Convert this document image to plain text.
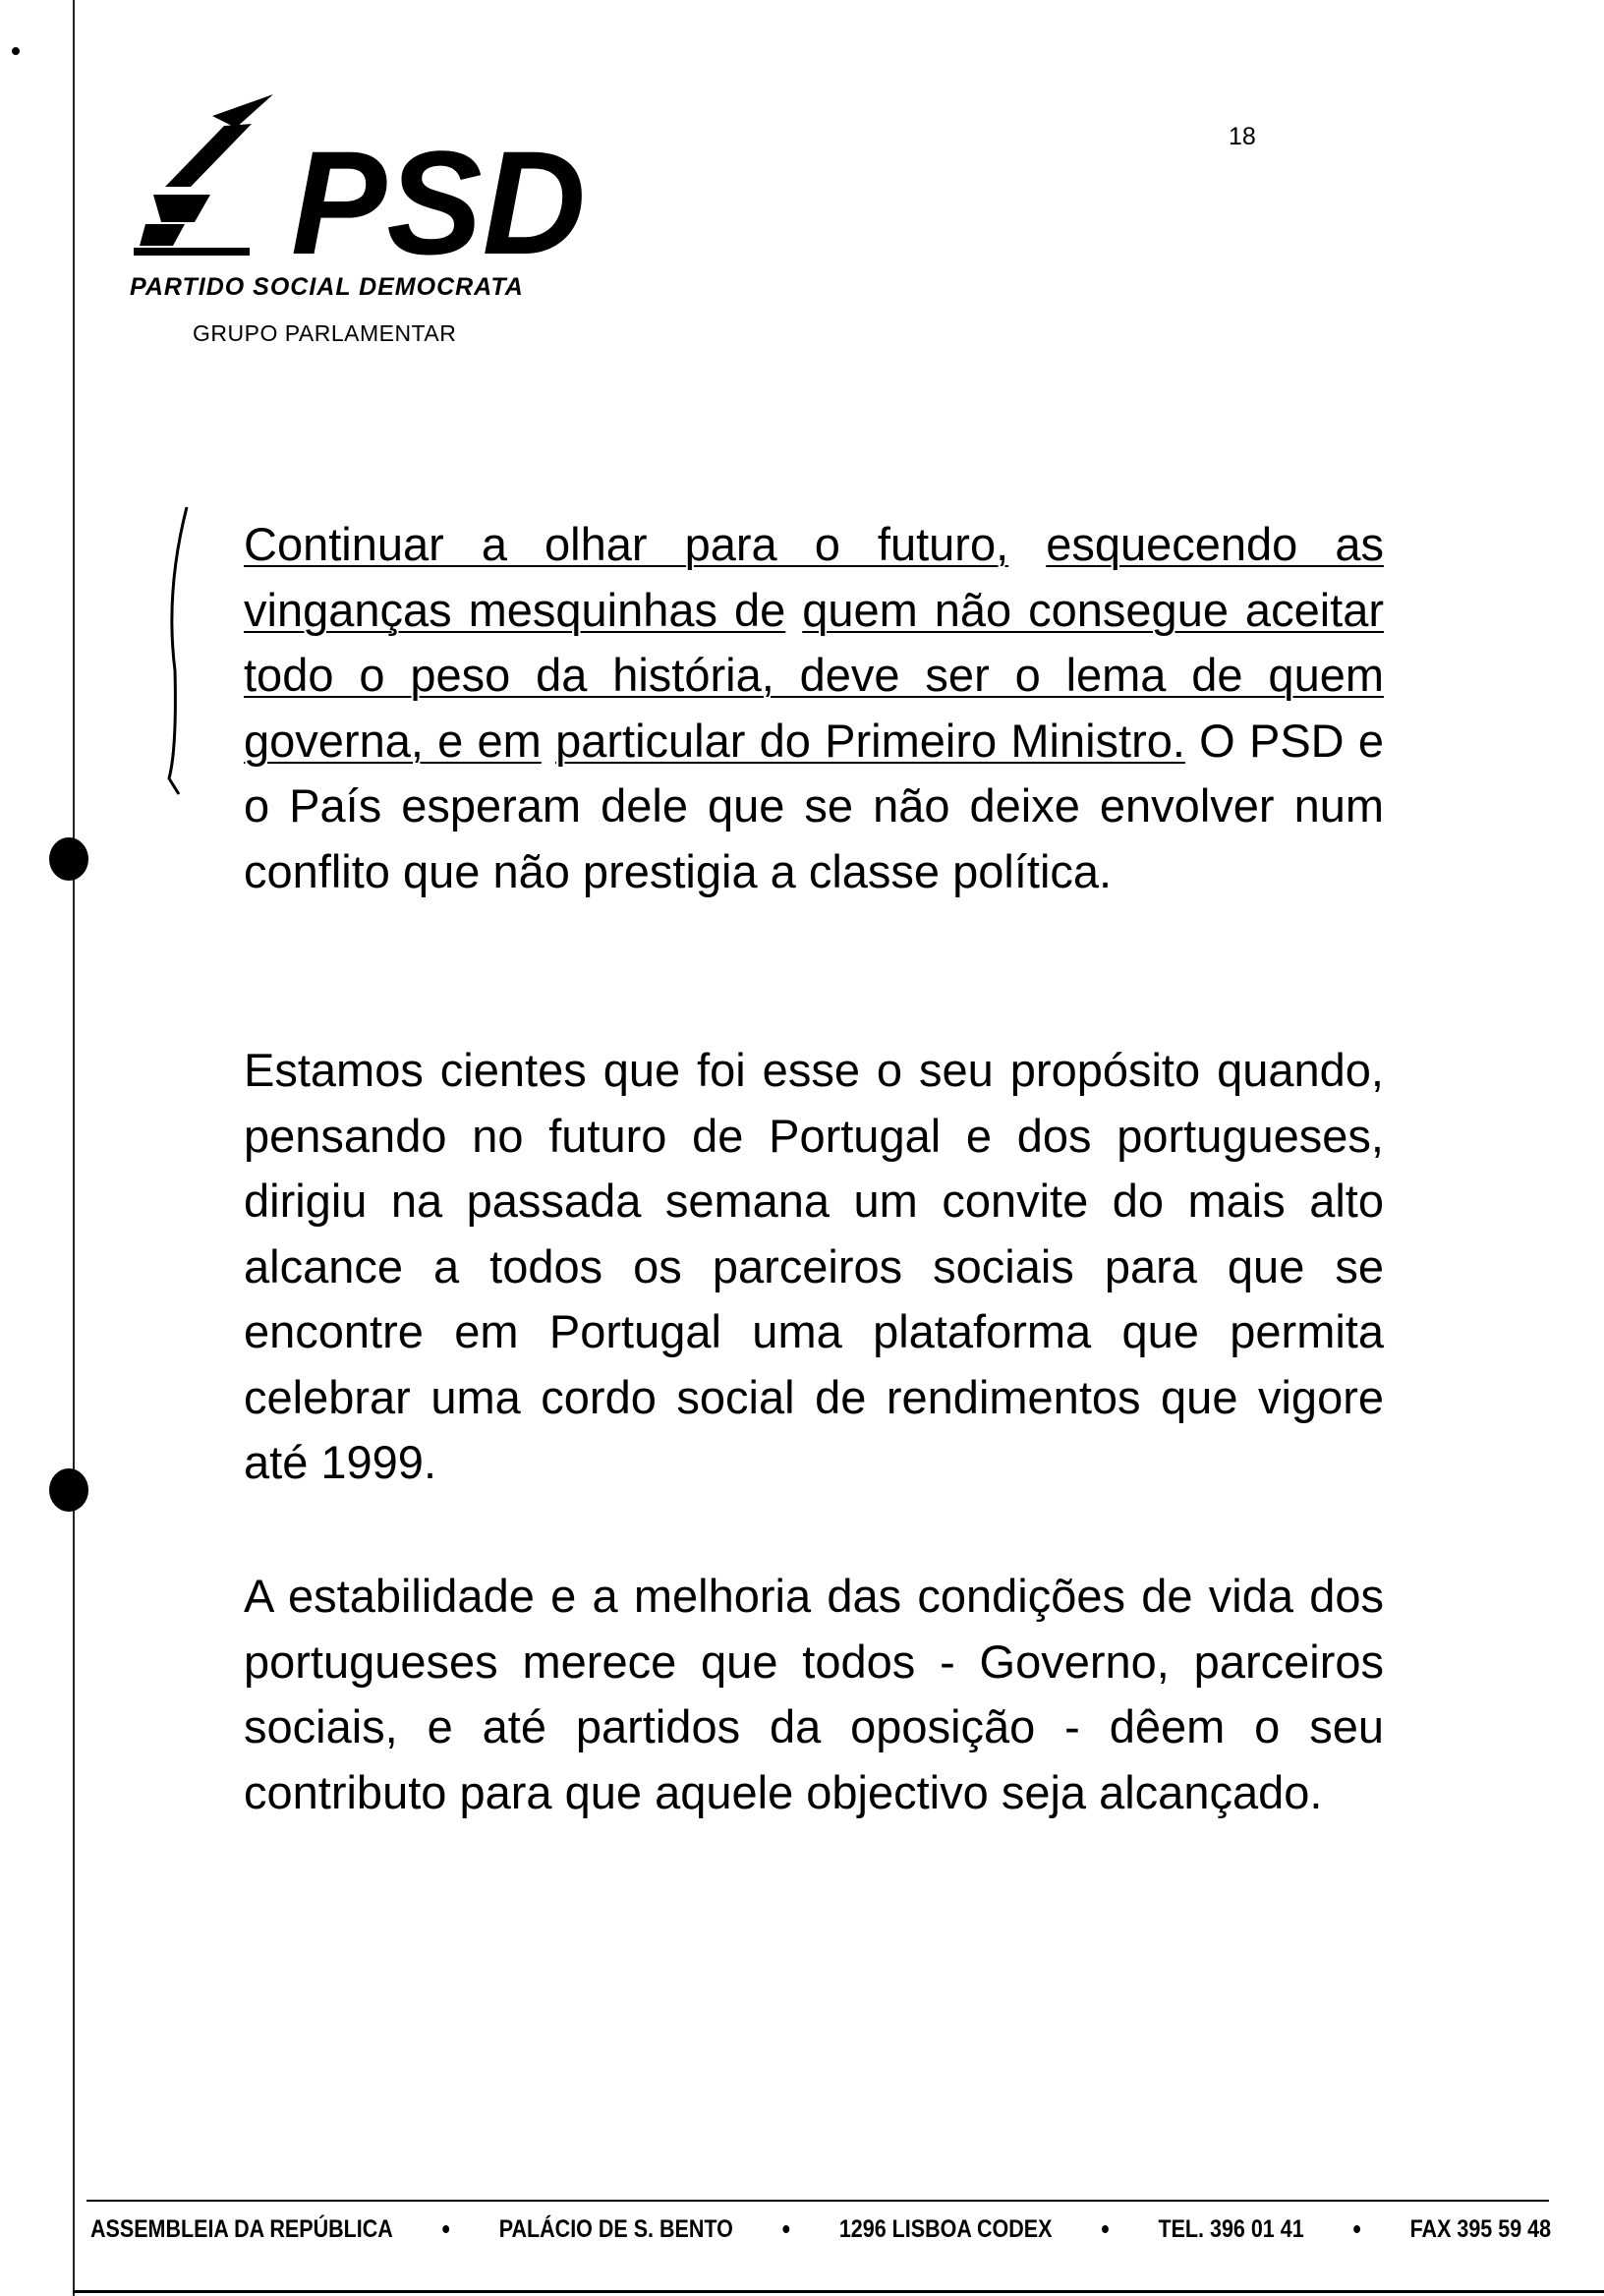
PSD
PARTIDO SOCIAL DEMOCRATA
GRUPO PARLAMENTAR
18
Continuar a olhar para o futuro, esquecendo as vinganças mesquinhas de quem não consegue aceitar todo o peso da história, deve ser o lema de quem governa, e em particular do Primeiro Ministro. O PSD e o País esperam dele que se não deixe envolver num conflito que não prestigia a classe política.
Estamos cientes que foi esse o seu propósito quando, pensando no futuro de Portugal e dos portugueses, dirigiu na passada semana um convite do mais alto alcance a todos os parceiros sociais para que se encontre em Portugal uma plataforma que permita celebrar uma cordo social de rendimentos que vigore até 1999.
A estabilidade e a melhoria das condições de vida dos portugueses merece que todos - Governo, parceiros sociais, e até partidos da oposição - dêem o seu contributo para que aquele objectivo seja alcançado.
ASSEMBLEIA DA REPÚBLICA • PALÁCIO DE S. BENTO • 1296 LISBOA CODEX • TEL. 396 01 41 • FAX 395 59 48
